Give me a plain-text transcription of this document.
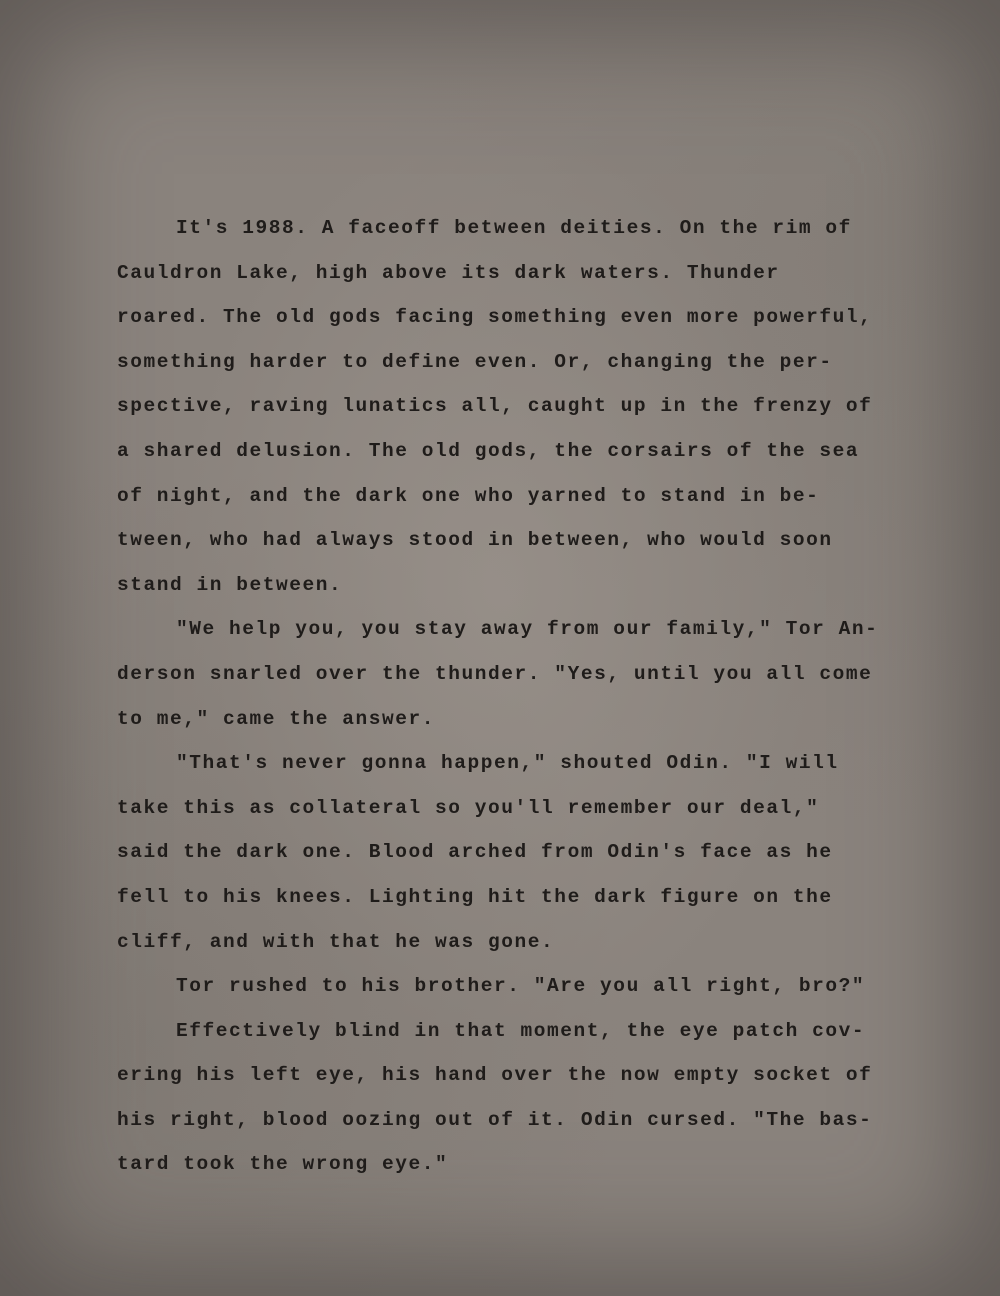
It's 1988. A faceoff between deities. On the rim of
Cauldron Lake, high above its dark waters. Thunder
roared. The old gods facing something even more powerful,
something harder to define even. Or, changing the per-
spective, raving lunatics all, caught up in the frenzy of
a shared delusion. The old gods, the corsairs of the sea
of night, and the dark one who yarned to stand in be-
tween, who had always stood in between, who would soon
stand in between.
"We help you, you stay away from our family," Tor An-
derson snarled over the thunder. "Yes, until you all come
to me," came the answer.
"That's never gonna happen," shouted Odin. "I will
take this as collateral so you'll remember our deal,"
said the dark one. Blood arched from Odin's face as he
fell to his knees. Lighting hit the dark figure on the
cliff, and with that he was gone.
Tor rushed to his brother. "Are you all right, bro?"
Effectively blind in that moment, the eye patch cov-
ering his left eye, his hand over the now empty socket of
his right, blood oozing out of it. Odin cursed. "The bas-
tard took the wrong eye."
